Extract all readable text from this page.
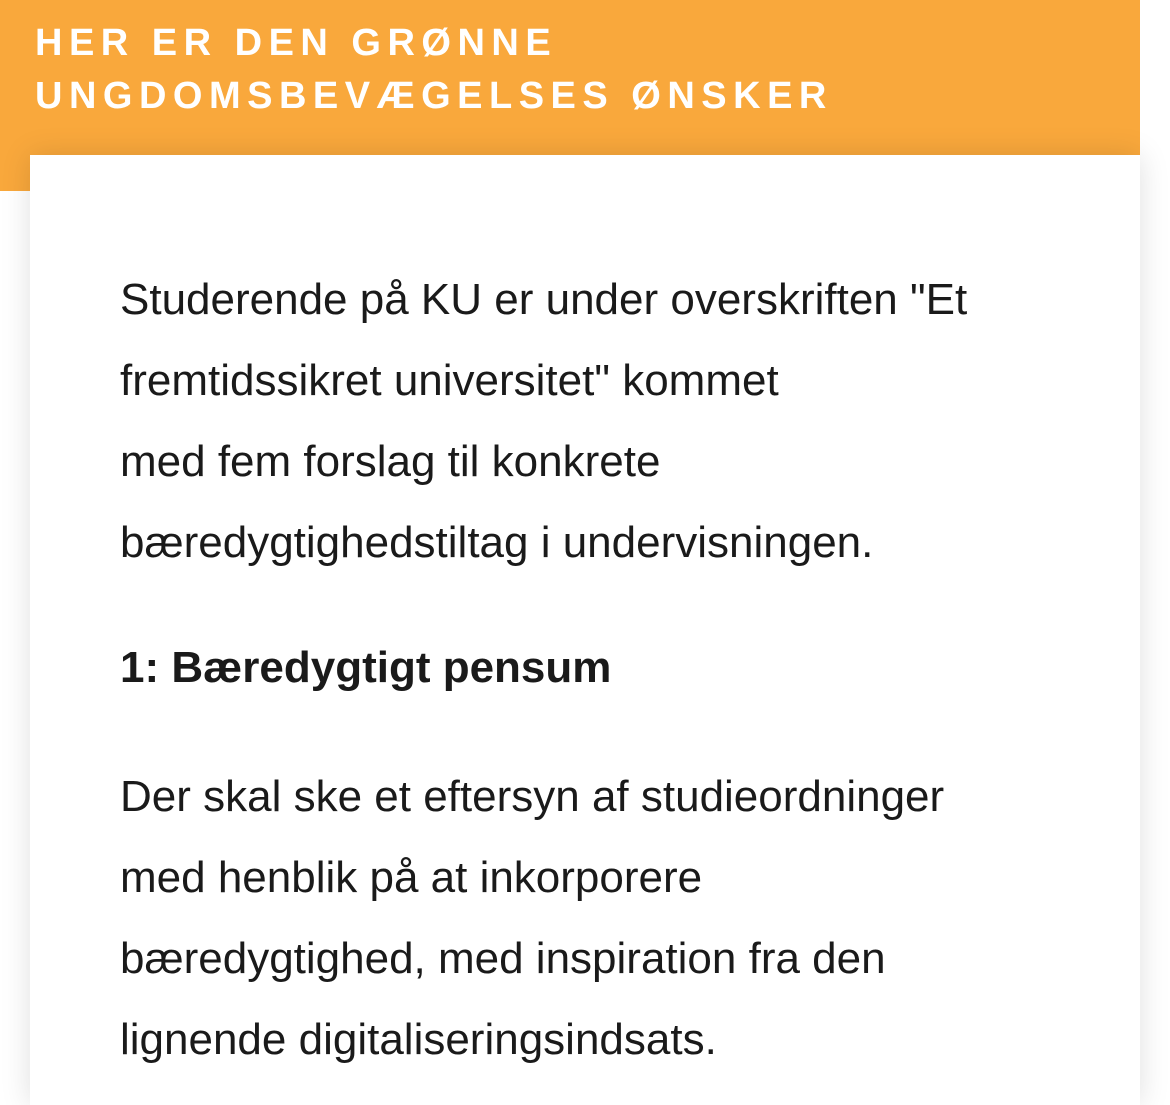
HER ER DEN GRØNNE
UNGDOMSBEVÆGELSES ØNSKER

Studerende på KU er under overskriften "Et
fremtidssikret universitet" kommet
med fem forslag til konkrete
bæredygtighedstiltag i undervisningen.

1: Bæredygtigt pensum

Der skal ske et eftersyn af studieordninger
med henblik på at inkorporere
bæredygtighed, med inspiration fra den
lignende digitaliseringsindsats.
